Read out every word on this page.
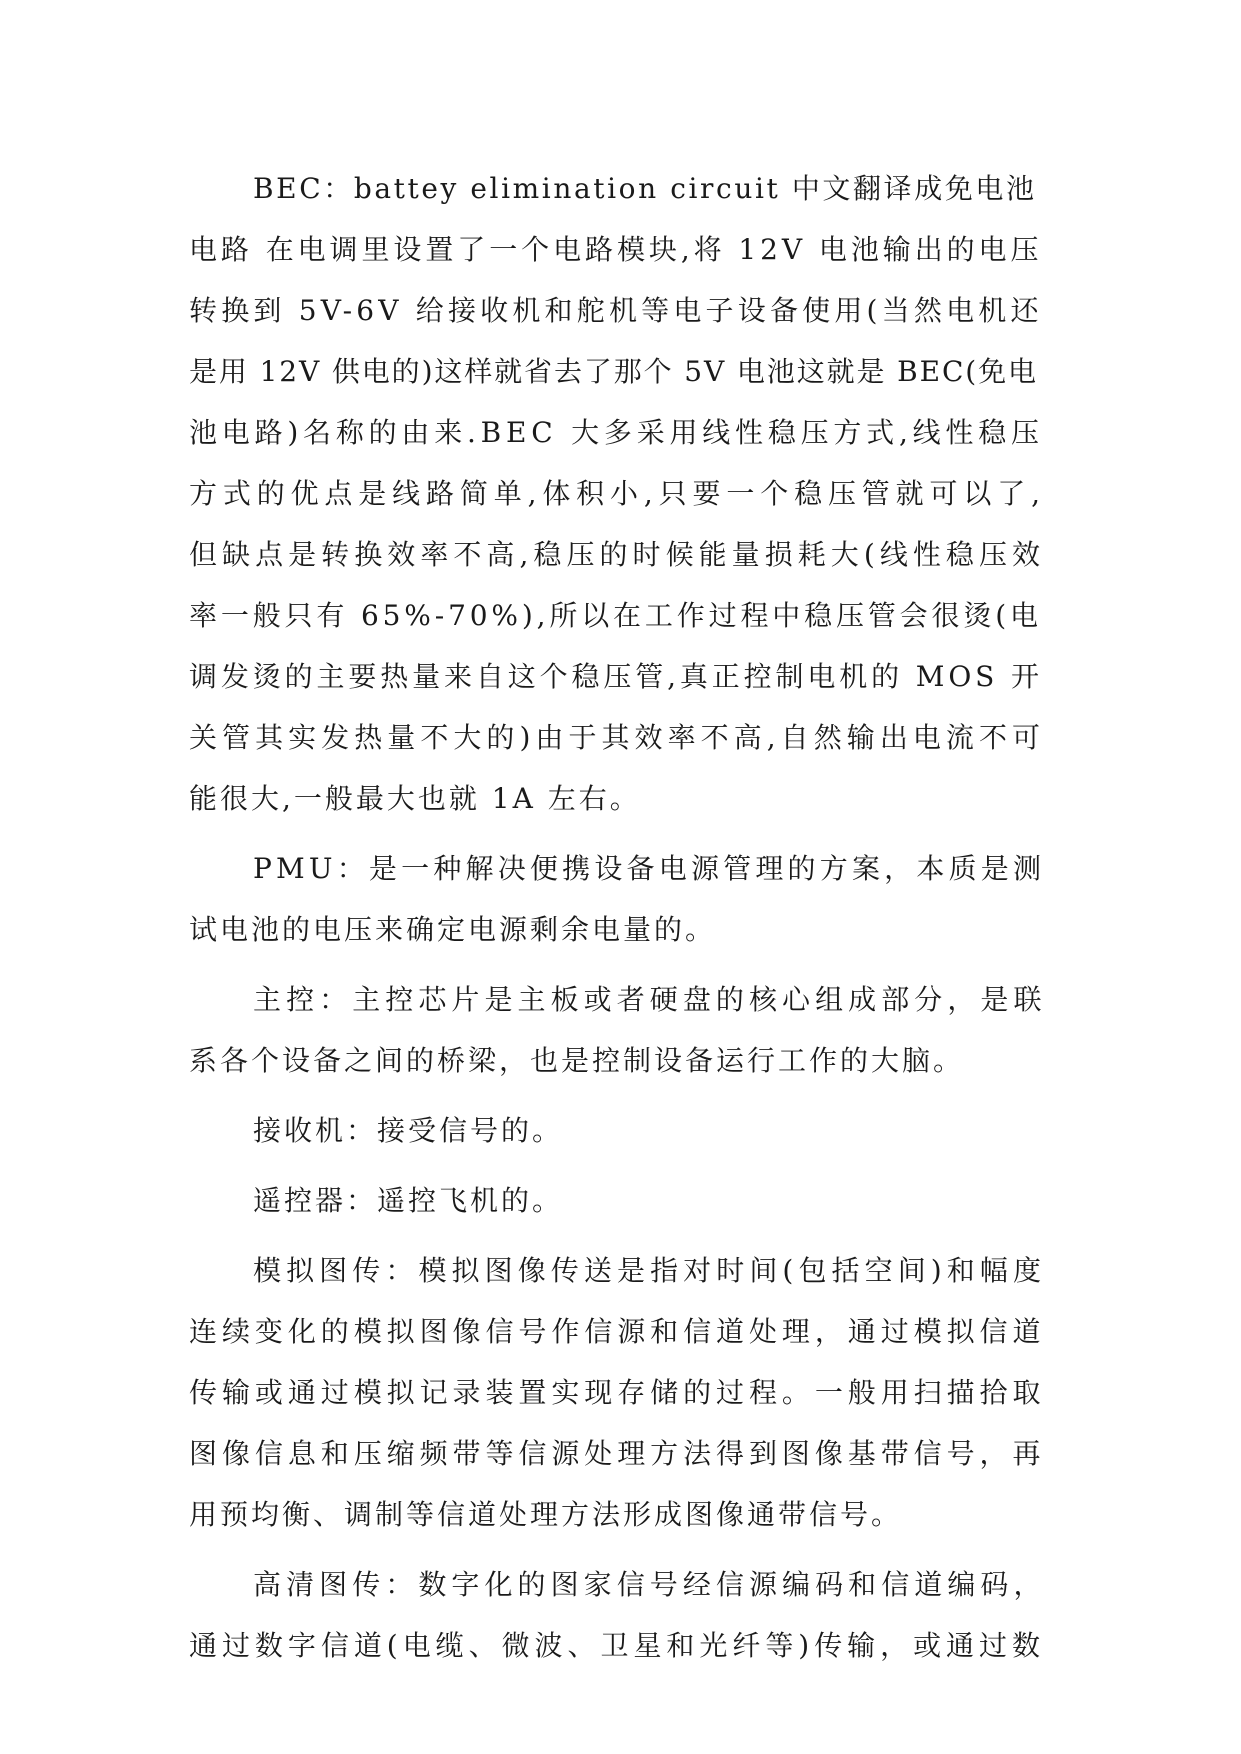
BEC：battey elimination circuit 中文翻译成免电池
电路 在电调里设置了一个电路模块,将 12V 电池输出的电压
转换到 5V-6V 给接收机和舵机等电子设备使用(当然电机还
是用 12V 供电的)这样就省去了那个 5V 电池这就是 BEC(免电
池电路)名称的由来.BEC 大多采用线性稳压方式,线性稳压
方式的优点是线路简单,体积小,只要一个稳压管就可以了,
但缺点是转换效率不高,稳压的时候能量损耗大(线性稳压效
率一般只有 65%-70%),所以在工作过程中稳压管会很烫(电
调发烫的主要热量来自这个稳压管,真正控制电机的 MOS 开
关管其实发热量不大的)由于其效率不高,自然输出电流不可
能很大,一般最大也就 1A 左右。
PMU：是一种解决便携设备电源管理的方案，本质是测
试电池的电压来确定电源剩余电量的。
主控：主控芯片是主板或者硬盘的核心组成部分，是联
系各个设备之间的桥梁，也是控制设备运行工作的大脑。
接收机：接受信号的。
遥控器：遥控飞机的。
模拟图传：模拟图像传送是指对时间(包括空间)和幅度
连续变化的模拟图像信号作信源和信道处理，通过模拟信道
传输或通过模拟记录装置实现存储的过程。一般用扫描拾取
图像信息和压缩频带等信源处理方法得到图像基带信号，再
用预均衡、调制等信道处理方法形成图像通带信号。
高清图传：数字化的图家信号经信源编码和信道编码，
通过数字信道(电缆、微波、卫星和光纤等)传输，或通过数
